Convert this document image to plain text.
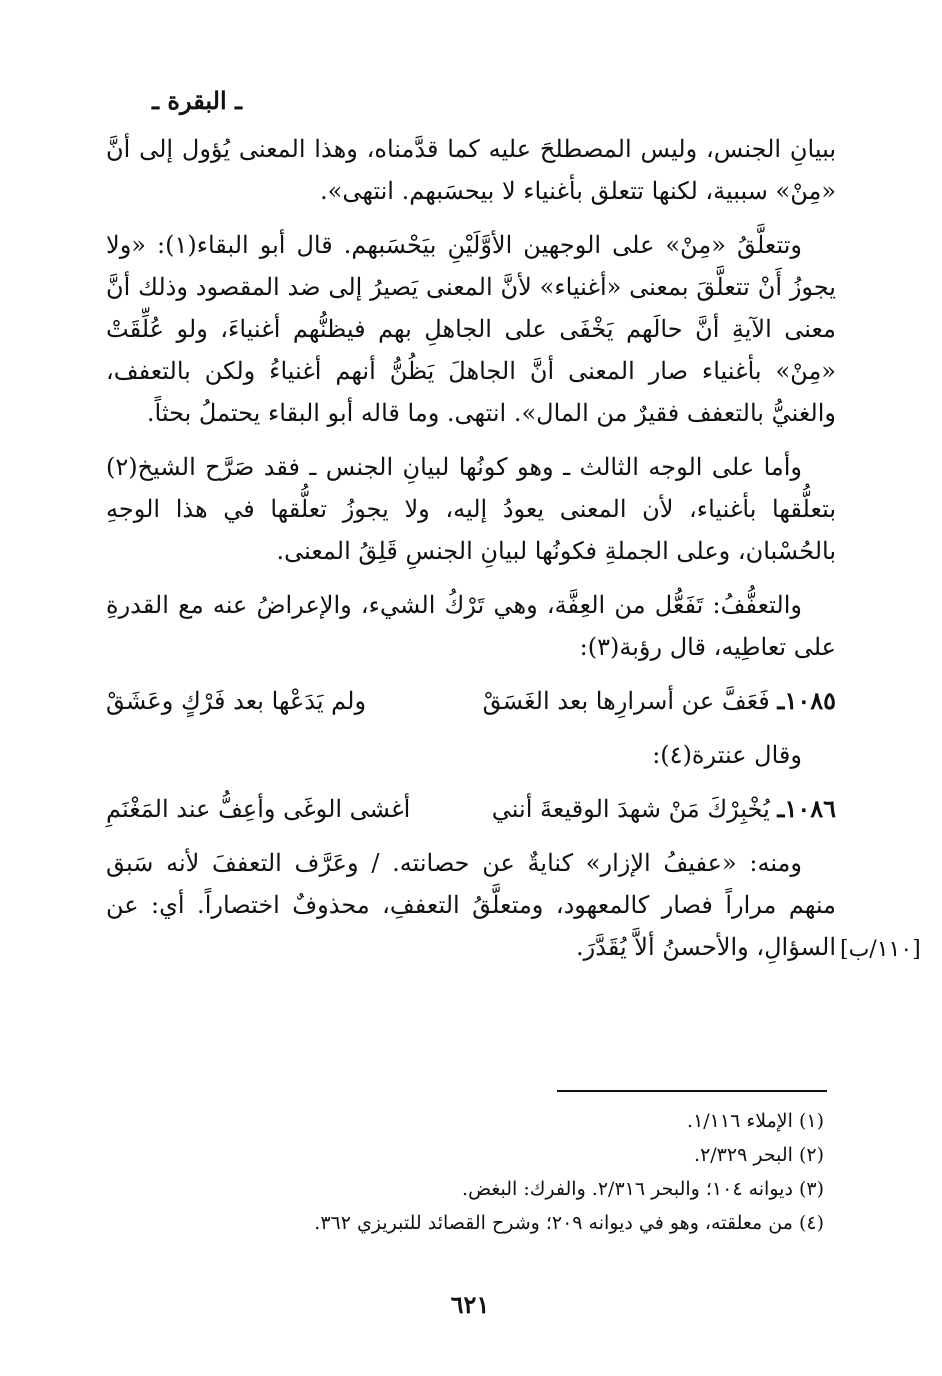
ـ البقرة ـ

ببيانِ الجنس، وليس المصطلحَ عليه كما قدَّمناه، وهذا المعنى يُؤول إلى أنَّ «مِنْ» سببية، لكنها تتعلق بأغنياء لا بيحسَبهم. انتهى».

وتتعلَّقُ «مِنْ» على الوجهين الأوَّلَيْنِ بيَحْسَبهم. قال أبو البقاء(١): «ولا يجوزُ أَنْ تتعلَّقَ بمعنى «أغنياء» لأنَّ المعنى يَصيرُ إلى ضد المقصود وذلك أنَّ معنى الآيةِ أنَّ حالَهم يَخْفَى على الجاهلِ بهم فيظنُّهم أغنياءَ، ولو عُلِّقَتْ «مِنْ» بأغنياء صار المعنى أنَّ الجاهلَ يَظُنُّ أنهم أغنياءُ ولكن بالتعفف، والغنيُّ بالتعفف فقيرٌ من المال». انتهى. وما قاله أبو البقاء يحتملُ بحثاً.

وأما على الوجه الثالث ـ وهو كونُها لبيانِ الجنس ـ فقد صَرَّح الشيخ(٢) بتعلُّقها بأغنياء، لأن المعنى يعودُ إليه، ولا يجوزُ تعلُّقها في هذا الوجهِ بالحُسْبان، وعلى الجملةِ فكونُها لبيانِ الجنسِ قَلِقُ المعنى.

والتعفُّفُ: تَفَعُّل من العِفَّة، وهي تَرْكُ الشيء، والإعراضُ عنه مع القدرةِ على تعاطِيه، قال رؤبة(٣):

١٠٨٥ـ فَعَفَّ عن أسرارِها بعد الغَسَقْ
ولم يَدَعْها بعد فَرْكٍ وعَشَقْ

وقال عنترة(٤):

١٠٨٦ـ يُخْبِرْكَ مَنْ شهدَ الوقيعةَ أنني
أغشى الوغَى وأعِفُّ عند المَغْنَمِ

ومنه: «عفيفُ الإزار» كنايةٌ عن حصانته. / وعَرَّف التعففَ لأنه سَبق منهم مراراً فصار كالمعهود، ومتعلَّقُ التعففِ، محذوفٌ اختصاراً. أي: عن السؤالِ، والأحسنُ ألاَّ يُقَدَّرَ. [١١٠/ب]
(١) الإملاء ١/١١٦.
(٢) البحر ٢/٣٢٩.
(٣) ديوانه ١٠٤؛ والبحر ٢/٣١٦. والفرك: البغض.
(٤) من معلقته، وهو في ديوانه ٢٠٩؛ وشرح القصائد للتبريزي ٣٦٢.
٦٢١
